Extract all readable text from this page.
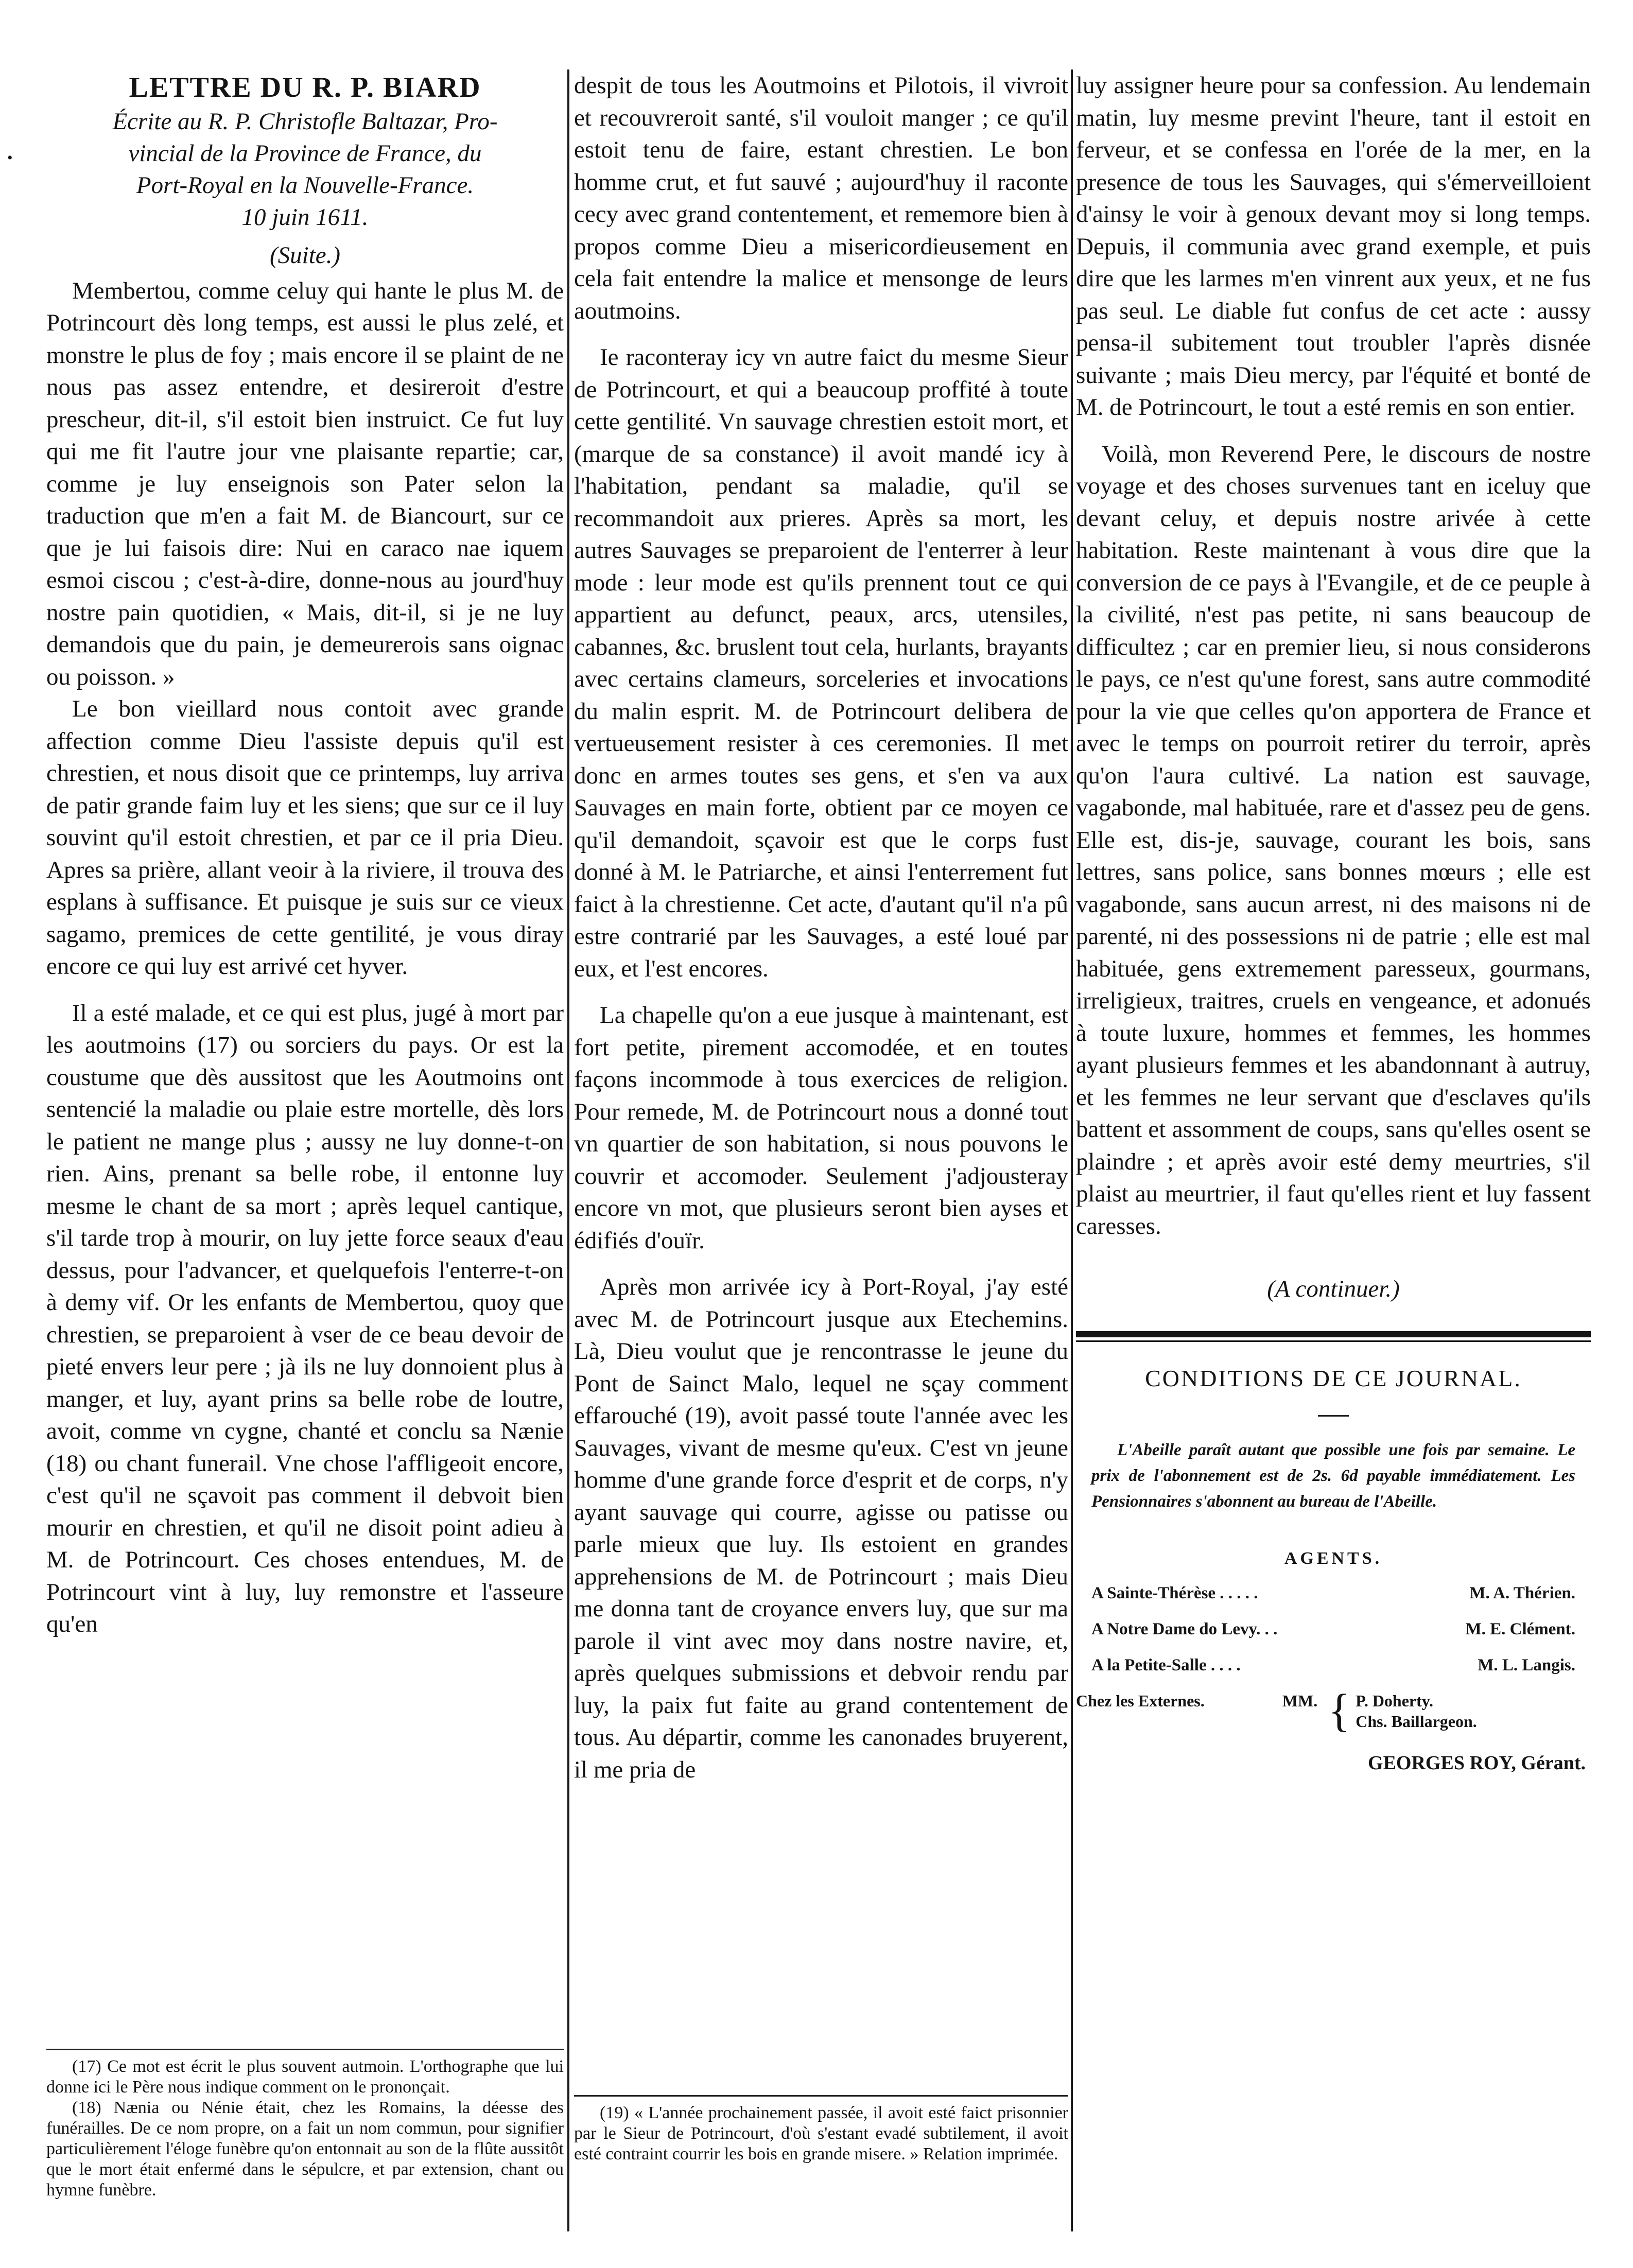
•
LETTRE DU R. P. BIARD

Écrite au R. P. Christofle Baltazar, Pro-

vincial de la Province de France, du

Port-Royal en la Nouvelle-France.

10 juin 1611.

(Suite.)

Membertou, comme celuy qui hante le plus M. de Potrincourt dès long temps, est aussi le plus zelé, et monstre le plus de foy ; mais encore il se plaint de ne nous pas assez entendre, et desireroit d'estre prescheur, dit-il, s'il estoit bien instruict. Ce fut luy qui me fit l'autre jour vne plaisante repartie; car, comme je luy enseignois son Pater selon la traduction que m'en a fait M. de Biancourt, sur ce que je lui faisois dire: Nui en caraco nae iquem esmoi ciscou ; c'est-à-dire, donne-nous au jourd'huy nostre pain quotidien, « Mais, dit-il, si je ne luy demandois que du pain, je demeurerois sans oignac ou poisson. »

Le bon vieillard nous contoit avec grande affection comme Dieu l'assiste depuis qu'il est chrestien, et nous disoit que ce printemps, luy arriva de patir grande faim luy et les siens; que sur ce il luy souvint qu'il estoit chrestien, et par ce il pria Dieu. Apres sa prière, allant veoir à la riviere, il trouva des esplans à suffisance. Et puisque je suis sur ce vieux sagamo, premices de cette gentilité, je vous diray encore ce qui luy est arrivé cet hyver.

Il a esté malade, et ce qui est plus, jugé à mort par les aoutmoins (17) ou sorciers du pays. Or est la coustume que dès aussitost que les Aoutmoins ont sentencié la maladie ou plaie estre mortelle, dès lors le patient ne mange plus ; aussy ne luy donne-t-on rien. Ains, prenant sa belle robe, il entonne luy mesme le chant de sa mort ; après lequel cantique, s'il tarde trop à mourir, on luy jette force seaux d'eau dessus, pour l'advancer, et quelquefois l'enterre-t-on à demy vif. Or les enfants de Membertou, quoy que chrestien, se preparoient à vser de ce beau devoir de pieté envers leur pere ; jà ils ne luy donnoient plus à manger, et luy, ayant prins sa belle robe de loutre, avoit, comme vn cygne, chanté et conclu sa Nænie (18) ou chant funerail. Vne chose l'affligeoit encore, c'est qu'il ne sçavoit pas comment il debvoit bien mourir en chrestien, et qu'il ne disoit point adieu à M. de Potrincourt. Ces choses entendues, M. de Potrincourt vint à luy, luy remonstre et l'asseure qu'en

(17) Ce mot est écrit le plus souvent autmoin. L'orthographe que lui donne ici le Père nous indique comment on le prononçait.

(18) Nænia ou Nénie était, chez les Romains, la déesse des funérailles. De ce nom propre, on a fait un nom commun, pour signifier particulièrement l'éloge funèbre qu'on entonnait au son de la flûte aussitôt que le mort était enfermé dans le sépulcre, et par extension, chant ou hymne funèbre.

despit de tous les Aoutmoins et Pilotois, il vivroit et recouvreroit santé, s'il vouloit manger ; ce qu'il estoit tenu de faire, estant chrestien. Le bon homme crut, et fut sauvé ; aujourd'huy il raconte cecy avec grand contentement, et rememore bien à propos comme Dieu a misericordieusement en cela fait entendre la malice et mensonge de leurs aoutmoins.

Ie raconteray icy vn autre faict du mesme Sieur de Potrincourt, et qui a beaucoup proffité à toute cette gentilité. Vn sauvage chrestien estoit mort, et (marque de sa constance) il avoit mandé icy à l'habitation, pendant sa maladie, qu'il se recommandoit aux prieres. Après sa mort, les autres Sauvages se preparoient de l'enterrer à leur mode : leur mode est qu'ils prennent tout ce qui appartient au defunct, peaux, arcs, utensiles, cabannes, &c. bruslent tout cela, hurlants, brayants avec certains clameurs, sorceleries et invocations du malin esprit. M. de Potrincourt delibera de vertueusement resister à ces ceremonies. Il met donc en armes toutes ses gens, et s'en va aux Sauvages en main forte, obtient par ce moyen ce qu'il demandoit, sçavoir est que le corps fust donné à M. le Patriarche, et ainsi l'enterrement fut faict à la chrestienne. Cet acte, d'autant qu'il n'a pû estre contrarié par les Sauvages, a esté loué par eux, et l'est encores.

La chapelle qu'on a eue jusque à maintenant, est fort petite, pirement accomodée, et en toutes façons incommode à tous exercices de religion. Pour remede, M. de Potrincourt nous a donné tout vn quartier de son habitation, si nous pouvons le couvrir et accomoder. Seulement j'adjousteray encore vn mot, que plusieurs seront bien ayses et édifiés d'ouïr.

Après mon arrivée icy à Port-Royal, j'ay esté avec M. de Potrincourt jusque aux Etechemins. Là, Dieu voulut que je rencontrasse le jeune du Pont de Sainct Malo, lequel ne sçay comment effarouché (19), avoit passé toute l'année avec les Sauvages, vivant de mesme qu'eux. C'est vn jeune homme d'une grande force d'esprit et de corps, n'y ayant sauvage qui courre, agisse ou patisse ou parle mieux que luy. Ils estoient en grandes apprehensions de M. de Potrincourt ; mais Dieu me donna tant de croyance envers luy, que sur ma parole il vint avec moy dans nostre navire, et, après quelques submissions et debvoir rendu par luy, la paix fut faite au grand contentement de tous. Au départir, comme les canonades bruyerent, il me pria de

(19) « L'année prochainement passée, il avoit esté faict prisonnier par le Sieur de Potrincourt, d'où s'estant evadé subtilement, il avoit esté contraint courrir les bois en grande misere. » Relation imprimée.

luy assigner heure pour sa confession. Au lendemain matin, luy mesme prevint l'heure, tant il estoit en ferveur, et se confessa en l'orée de la mer, en la presence de tous les Sauvages, qui s'émerveilloient d'ainsy le voir à genoux devant moy si long temps. Depuis, il communia avec grand exemple, et puis dire que les larmes m'en vinrent aux yeux, et ne fus pas seul. Le diable fut confus de cet acte : aussy pensa-il subitement tout troubler l'après disnée suivante ; mais Dieu mercy, par l'équité et bonté de M. de Potrincourt, le tout a esté remis en son entier.

Voilà, mon Reverend Pere, le discours de nostre voyage et des choses survenues tant en iceluy que devant celuy, et depuis nostre arivée à cette habitation. Reste maintenant à vous dire que la conversion de ce pays à l'Evangile, et de ce peuple à la civilité, n'est pas petite, ni sans beaucoup de difficultez ; car en premier lieu, si nous considerons le pays, ce n'est qu'une forest, sans autre commodité pour la vie que celles qu'on apportera de France et avec le temps on pourroit retirer du terroir, après qu'on l'aura cultivé. La nation est sauvage, vagabonde, mal habituée, rare et d'assez peu de gens. Elle est, dis-je, sauvage, courant les bois, sans lettres, sans police, sans bonnes mœurs ; elle est vagabonde, sans aucun arrest, ni des maisons ni de parenté, ni des possessions ni de patrie ; elle est mal habituée, gens extremement paresseux, gourmans, irreligieux, traitres, cruels en vengeance, et adonués à toute luxure, hommes et femmes, les hommes ayant plusieurs femmes et les abandonnant à autruy, et les femmes ne leur servant que d'esclaves qu'ils battent et assomment de coups, sans qu'elles osent se plaindre ; et après avoir esté demy meurtries, s'il plaist au meurtrier, il faut qu'elles rient et luy fassent caresses.

(A continuer.)

CONDITIONS DE CE JOURNAL.

L'Abeille paraît autant que possible une fois par semaine. Le prix de l'abonnement est de 2s. 6d payable immédiatement. Les Pensionnaires s'abonnent au bureau de l'Abeille.

AGENTS.

A Sainte-Thérèse . . . . .	M. A. Thérien.
A Notre Dame do Levy. . .	M. E. Clément.
A la Petite-Salle . . . .	M. L. Langis.
Chez les Externes.	MM. { P. Doherty.
Chs. Baillargeon.
GEORGES ROY, Gérant.
